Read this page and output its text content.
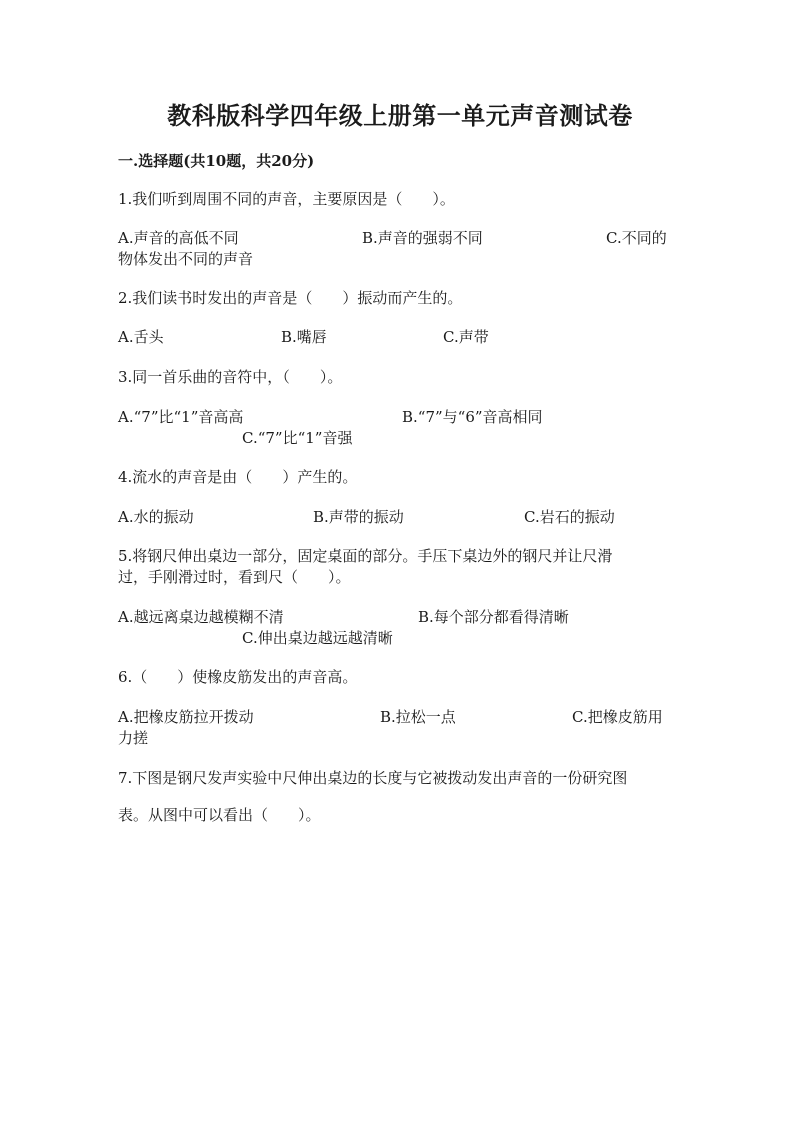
教科版科学四年级上册第一单元声音测试卷
一.选择题(共10题，共20分)
1.我们听到周围不同的声音，主要原因是（　　）。
A.声音的高低不同	B.声音的强弱不同	C.不同的
物体发出不同的声音
2.我们读书时发出的声音是（　　）振动而产生的。
A.舌头	B.嘴唇	C.声带
3.同一首乐曲的音符中，（　　）。
A.“7”比“1”音高高	B.“7”与“6”音高相同
C.“7”比“1”音强
4.流水的声音是由（　　）产生的。
A.水的振动	B.声带的振动	C.岩石的振动
5.将钢尺伸出桌边一部分，固定桌面的部分。手压下桌边外的钢尺并让尺滑
过，手刚滑过时，看到尺（　　）。
A.越远离桌边越模糊不清	B.每个部分都看得清晰
C.伸出桌边越远越清晰
6.（　　）使橡皮筋发出的声音高。
A.把橡皮筋拉开拨动	B.拉松一点	C.把橡皮筋用
力搓
7.下图是钢尺发声实验中尺伸出桌边的长度与它被拨动发出声音的一份研究图
表。从图中可以看出（　　）。
